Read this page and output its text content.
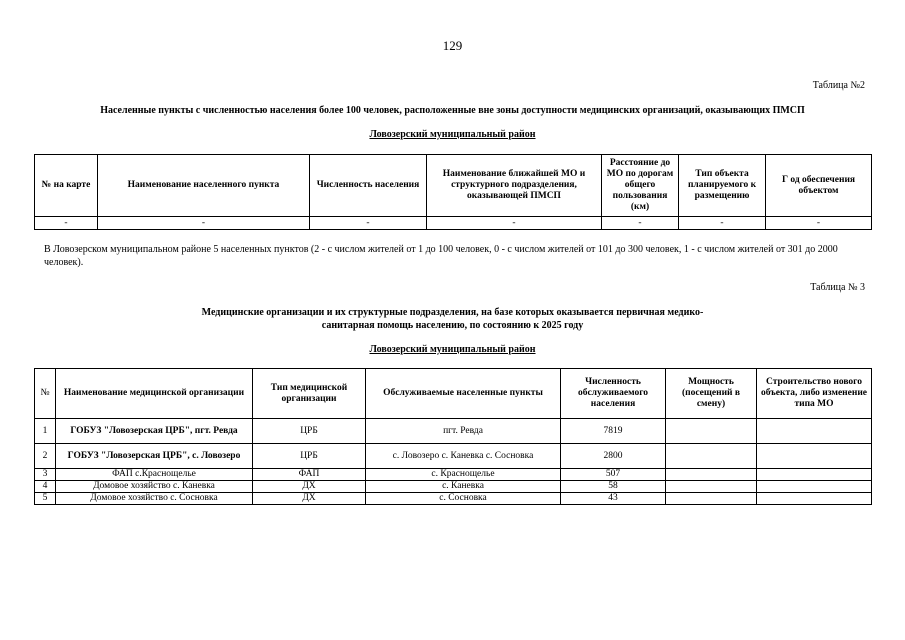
129
Таблица №2
Населенные пункты с численностью населения более 100 человек, расположенные вне зоны доступности медицинских организаций, оказывающих ПМСП
Ловозерский муниципальный район
№ на карте	Наименование населенного пункта	Численность населения	Наименование ближайшей МО и структурного подразделения, оказывающей ПМСП	Расстояние до МО по дорогам общего пользования (км)	Тип объекта планируемого к размещению	Г од обеспечения объектом
-	-	-	-	-	-	-
В Ловозерском муниципальном районе 5 населенных пунктов (2 - с числом жителей от 1 до 100 человек, 0 - с числом жителей от 101 до 300 человек, 1 - с числом жителей от 301 до 2000 человек).
Таблица № 3
Медицинские организации и их структурные подразделения, на базе которых оказывается первичная медико-
санитарная помощь населению, по состоянию к 2025 году
Ловозерский муниципальный район
№	Наименование медицинской организации	Тип медицинской организации	Обслуживаемые населенные пункты	Численность обслуживаемого населения	Мощность (посещений в смену)	Строительство нового объекта, либо изменение типа МО
1	ГОБУЗ "Ловозерская ЦРБ", пгт. Ревда	ЦРБ	пгт. Ревда	7819		
2	ГОБУЗ "Ловозерская ЦРБ", с. Ловозеро	ЦРБ	с. Ловозеро с. Каневка с. Сосновка	2800		
3	ФАП с.Краснощелье	ФАП	с. Краснощелье	507		
4	Домовое хозяйство с. Каневка	ДХ	с. Каневка	58		
5	Домовое хозяйство с. Сосновка	ДХ	с. Сосновка	43		
